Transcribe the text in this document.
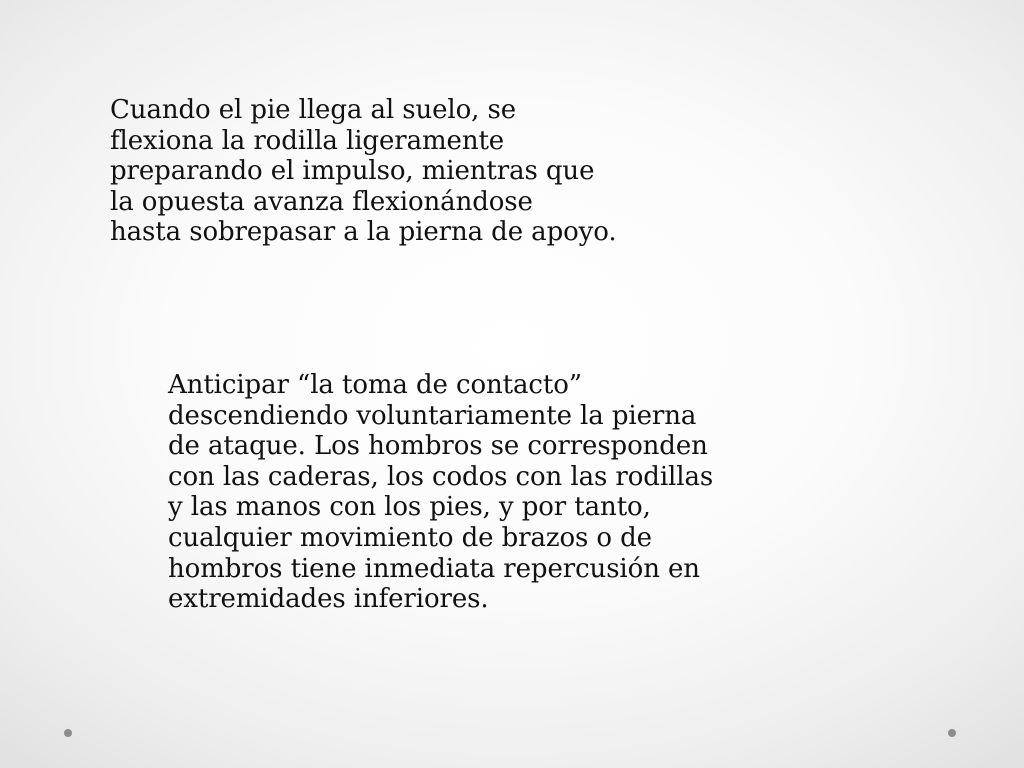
Cuando el pie llega al suelo, se
flexiona la rodilla ligeramente
preparando el impulso, mientras que
la opuesta avanza flexionándose
hasta sobrepasar a la pierna de apoyo.

Anticipar “la toma de contacto”
descendiendo voluntariamente la pierna
de ataque. Los hombros se corresponden
con las caderas, los codos con las rodillas
y las manos con los pies, y por tanto,
cualquier movimiento de brazos o de
hombros tiene inmediata repercusión en
extremidades inferiores.
